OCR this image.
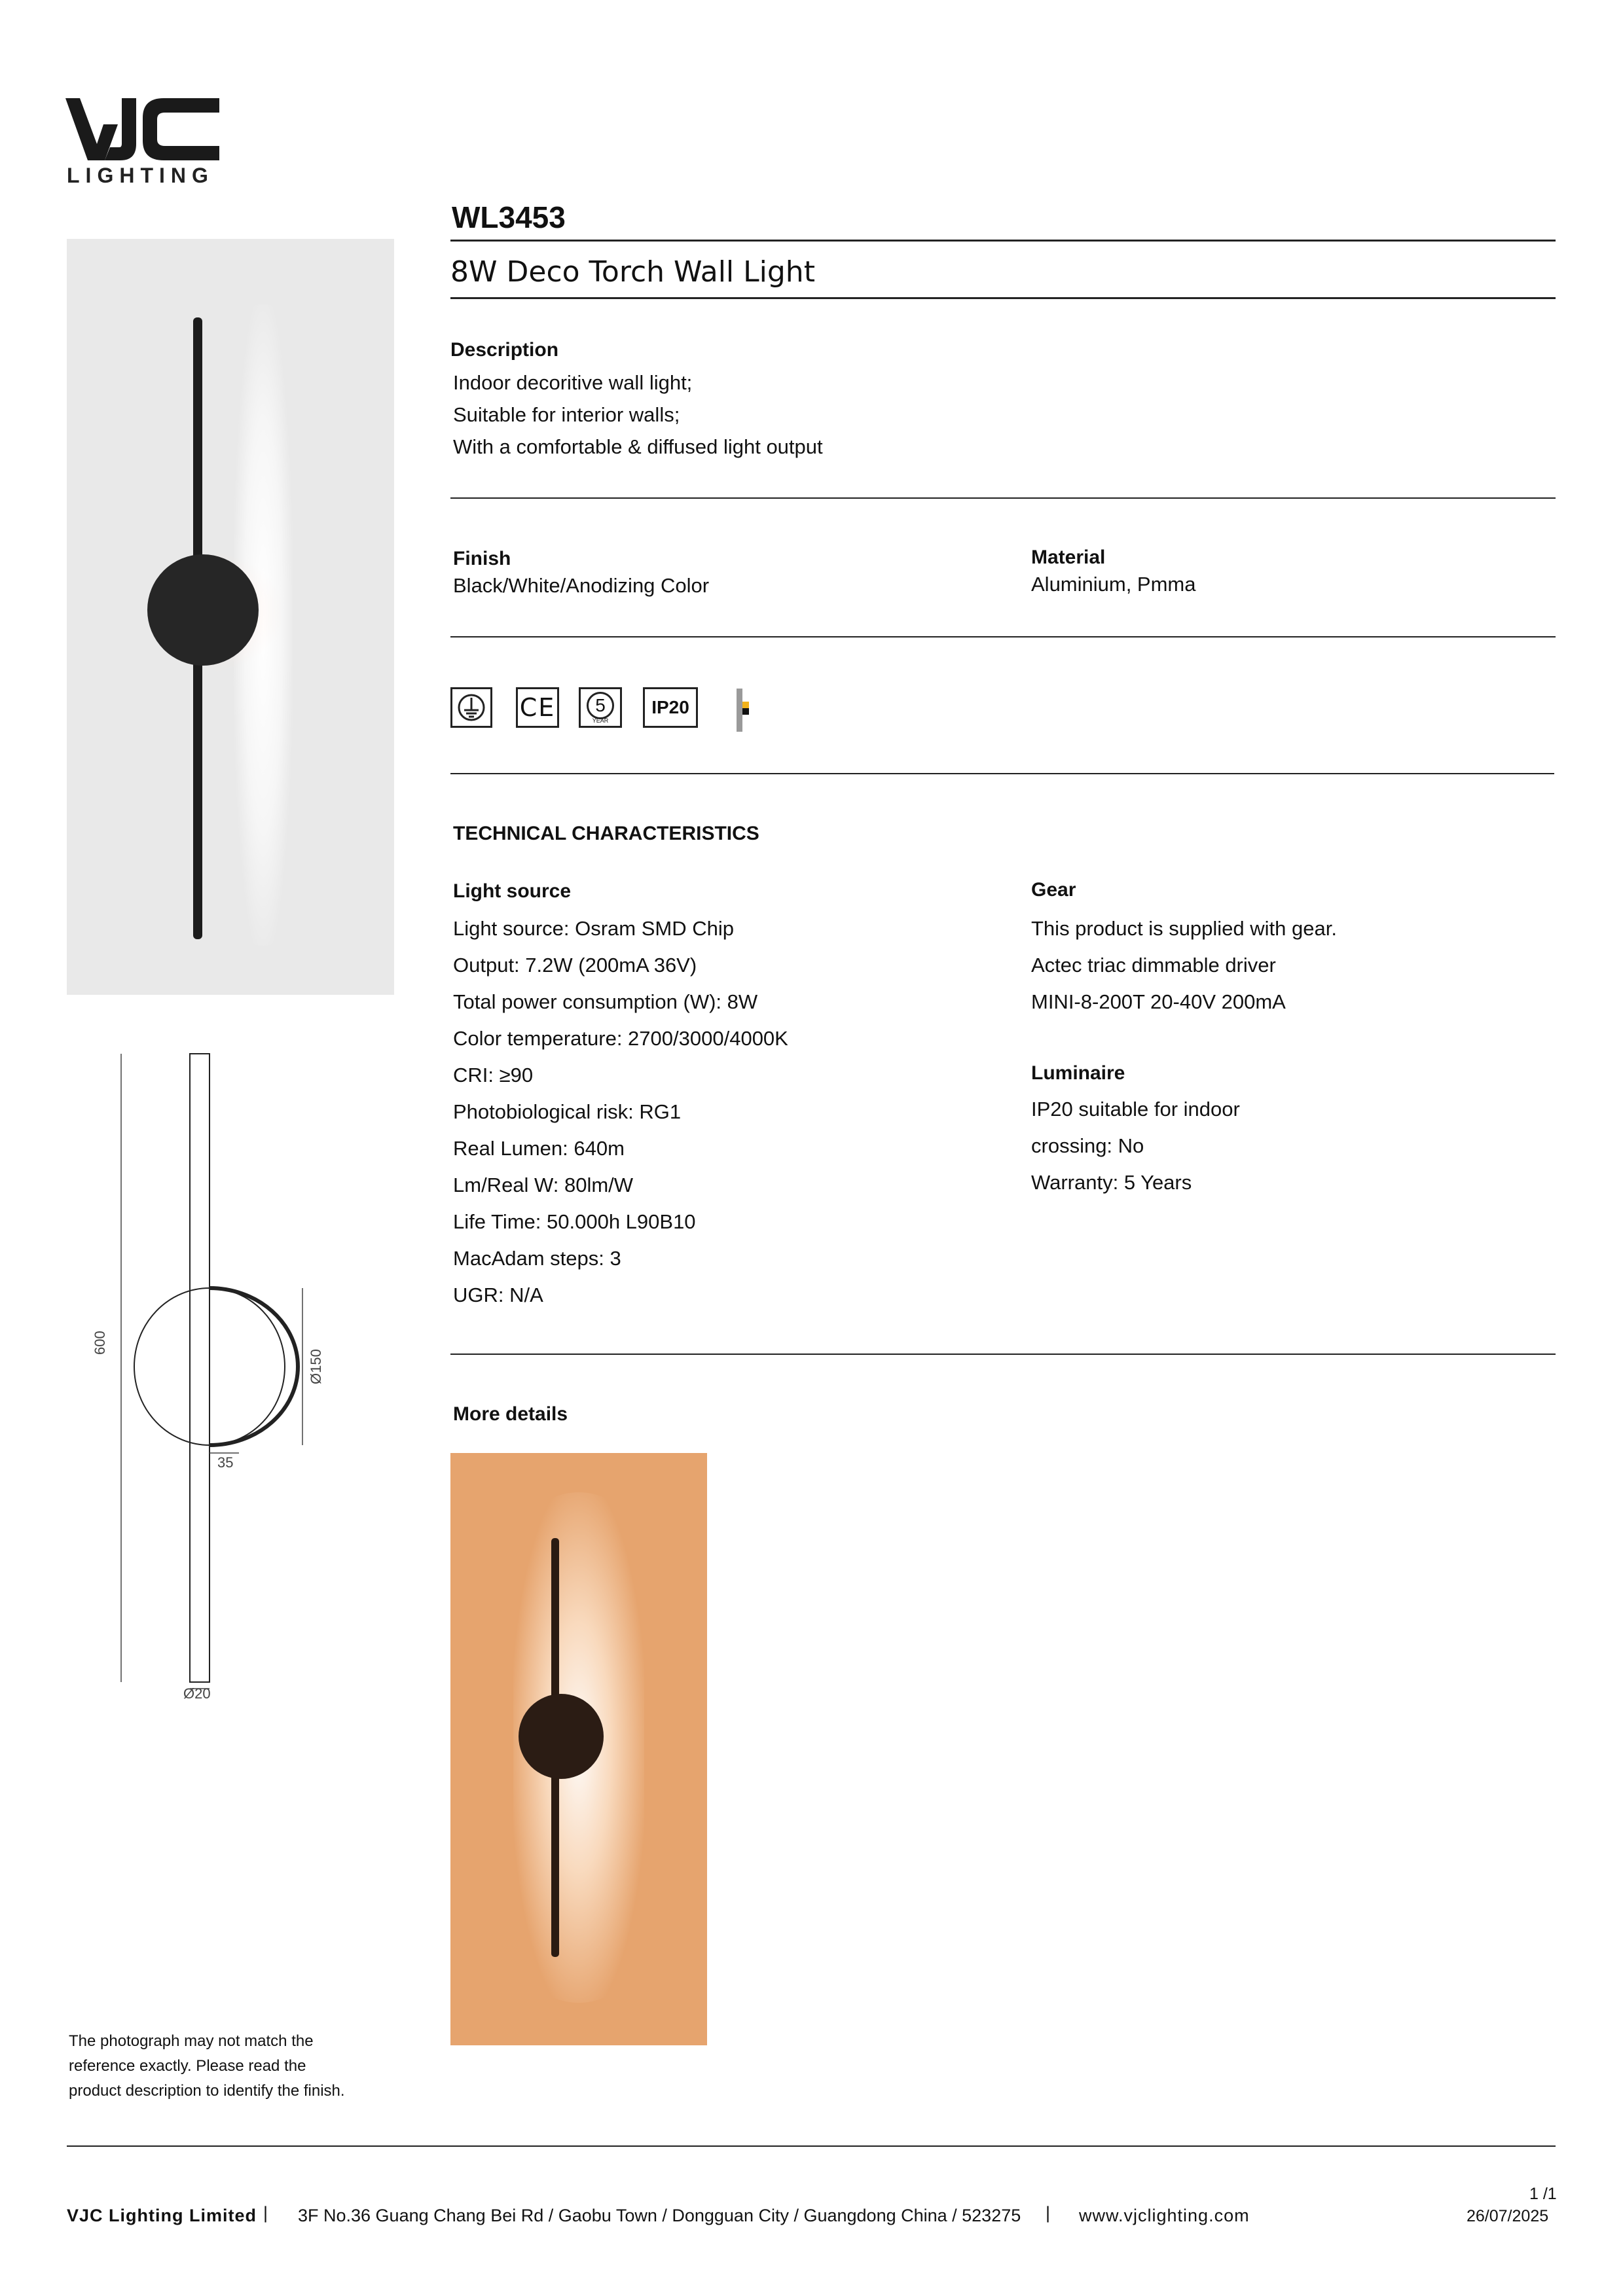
LIGHTING
600
Ø150
35
Ø20
The photograph may not match the
reference exactly. Please read the
product description to identify the finish.
WL3453
8W Deco Torch Wall Light
Description
Indoor decoritive wall light;
Suitable for interior walls;
With a comfortable & diffused light output
Finish
Black/White/Anodizing Color
Material
Aluminium, Pmma
CE	5
YEAR
IP20
TECHNICAL CHARACTERISTICS
Light source
Light source: Osram SMD Chip
Output: 7.2W (200mA 36V)
Total power consumption (W): 8W
Color temperature: 2700/3000/4000K
CRI: ≥90
Photobiological risk: RG1
Real Lumen: 640m
Lm/Real W: 80lm/W
Life Time: 50.000h L90B10
MacAdam steps: 3
UGR: N/A
Gear
This product is supplied with gear.
Actec triac dimmable driver
MINI-8-200T 20-40V 200mA
Luminaire
IP20 suitable for indoor
crossing: No
Warranty: 5 Years
More details
VJC Lighting Limited | 3F No.36 Guang Chang Bei Rd / Gaobu Town / Dongguan City / Guangdong China / 523275 | www.vjclighting.com
1 /1
26/07/2025
